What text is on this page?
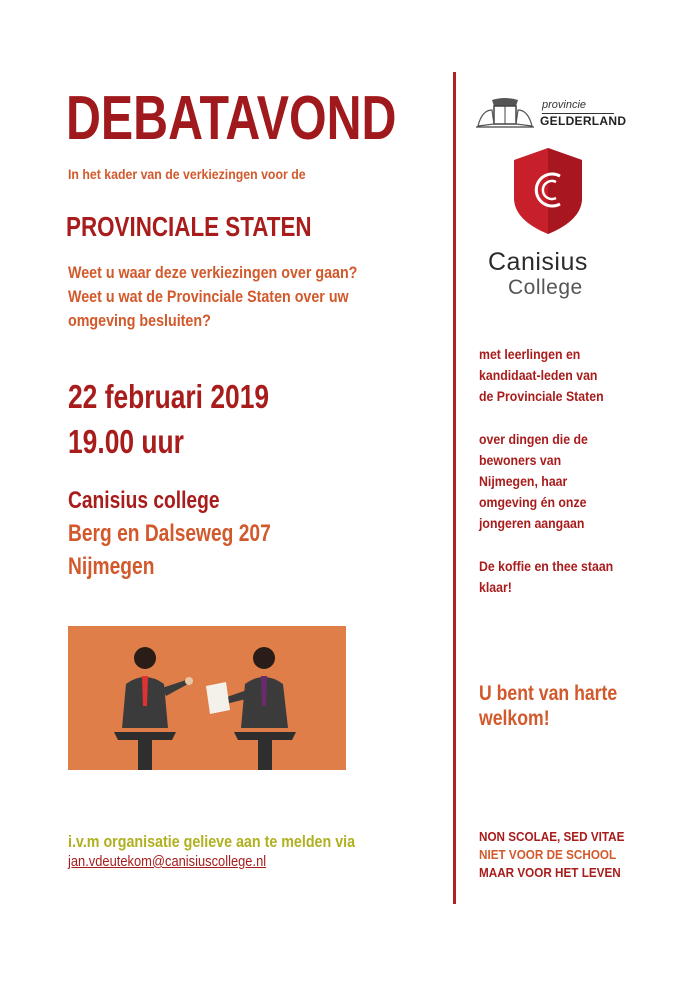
DEBATAVOND
In het kader van de verkiezingen voor de
PROVINCIALE STATEN
Weet u waar deze verkiezingen over gaan?
Weet u wat de Provinciale Staten over uw
omgeving besluiten?
22 februari 2019
19.00 uur
Canisius college
Berg en Dalseweg 207
Nijmegen
i.v.m organisatie gelieve aan te melden via
jan.vdeutekom@canisiuscollege.nl
provincie
GELDERLAND
Canisius
College
met leerlingen en
kandidaat-leden van
de Provinciale Staten
over dingen die de
bewoners van
Nijmegen, haar
omgeving én onze
jongeren aangaan
De koffie en thee staan
klaar!
U bent van harte
welkom!
NON SCOLAE, SED VITAE
NIET VOOR DE SCHOOL
MAAR VOOR HET LEVEN
